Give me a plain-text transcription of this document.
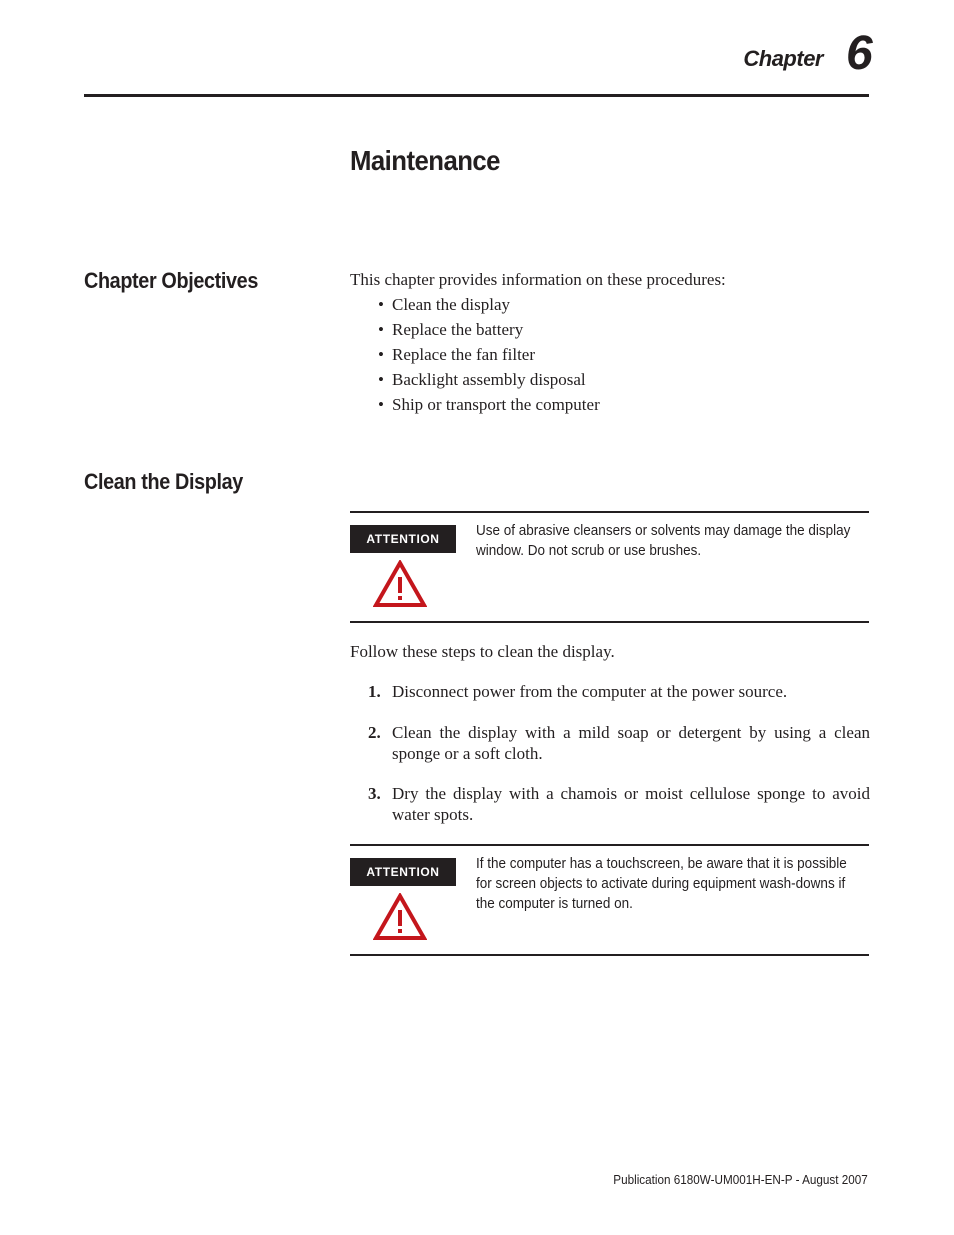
Chapter 6
Maintenance
Chapter Objectives	This chapter provides information on these procedures:
• Clean the display
• Replace the battery
• Replace the fan filter
• Backlight assembly disposal
• Ship or transport the computer
Clean the Display
ATTENTION	Use of abrasive cleansers or solvents may damage the display
window. Do not scrub or use brushes.
Follow these steps to clean the display.
1. Disconnect power from the computer at the power source.
2. Clean the display with a mild soap or detergent by using a clean sponge or a soft cloth.
3. Dry the display with a chamois or moist cellulose sponge to avoid water spots.
ATTENTION	If the computer has a touchscreen, be aware that it is possible
for screen objects to activate during equipment wash-downs if
the computer is turned on.
Publication 6180W-UM001H-EN-P - August 2007
